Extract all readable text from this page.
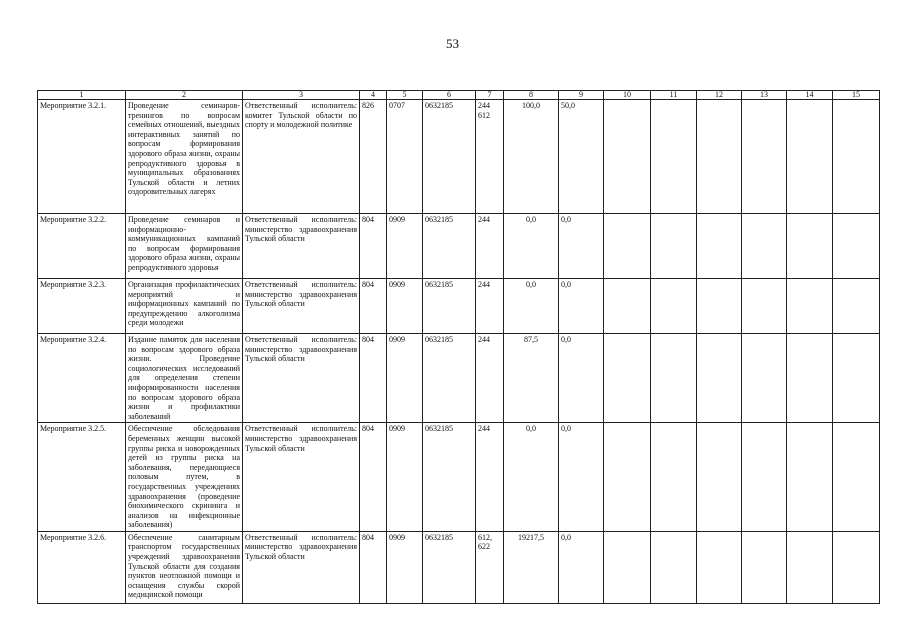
53
1	2	3	4	5	6	7	8	9	10	11	12	13	14	15
Мероприятие 3.2.1.	Проведение семинаров-тренингов по вопросам семейных отношений, выездных интерактивных занятий по вопросам формирования здорового образа жизни, охраны репродуктивного здоровья в муниципальных образованиях Тульской области и летних оздоровительных лагерях	Ответственный исполнитель: комитет Тульской области по спорту и молодежной политике	826	0707	0632185	244 612	100,0	50,0						
Мероприятие 3.2.2.	Проведение семинаров и информационно-коммуникационных кампаний по вопросам формирования здорового образа жизни, охраны репродуктивного здоровья	Ответственный исполнитель: министерство здравоохранения Тульской области	804	0909	0632185	244	0,0	0,0						
Мероприятие 3.2.3.	Организация профилактических мероприятий и информационных кампаний по предупреждению алкоголизма среди молодежи	Ответственный исполнитель: министерство здравоохранения Тульской области	804	0909	0632185	244	0,0	0,0						
Мероприятие 3.2.4.	Издание памяток для населения по вопросам здорового образа жизни. Проведение социологических исследований для определения степени информированности населения по вопросам здорового образа жизни и профилактики заболеваний	Ответственный исполнитель: министерство здравоохранения Тульской области	804	0909	0632185	244	87,5	0,0						
Мероприятие 3.2.5.	Обеспечение обследования беременных женщин высокой группы риска и новорожденных детей из группы риска на заболевания, передающиеся половым путем, в государственных учреждениях здравоохранения (проведение биохимического скрининга и анализов на инфекционные заболевания)	Ответственный исполнитель: министерство здравоохранения Тульской области	804	0909	0632185	244	0,0	0,0						
Мероприятие 3.2.6.	Обеспечение санитарным транспортом государственных учреждений здравоохранения Тульской области для создания пунктов неотложной помощи и оснащения службы скорой медицинской помощи	Ответственный исполнитель: министерство здравоохранения Тульской области	804	0909	0632185	612, 622	19217,5	0,0						
